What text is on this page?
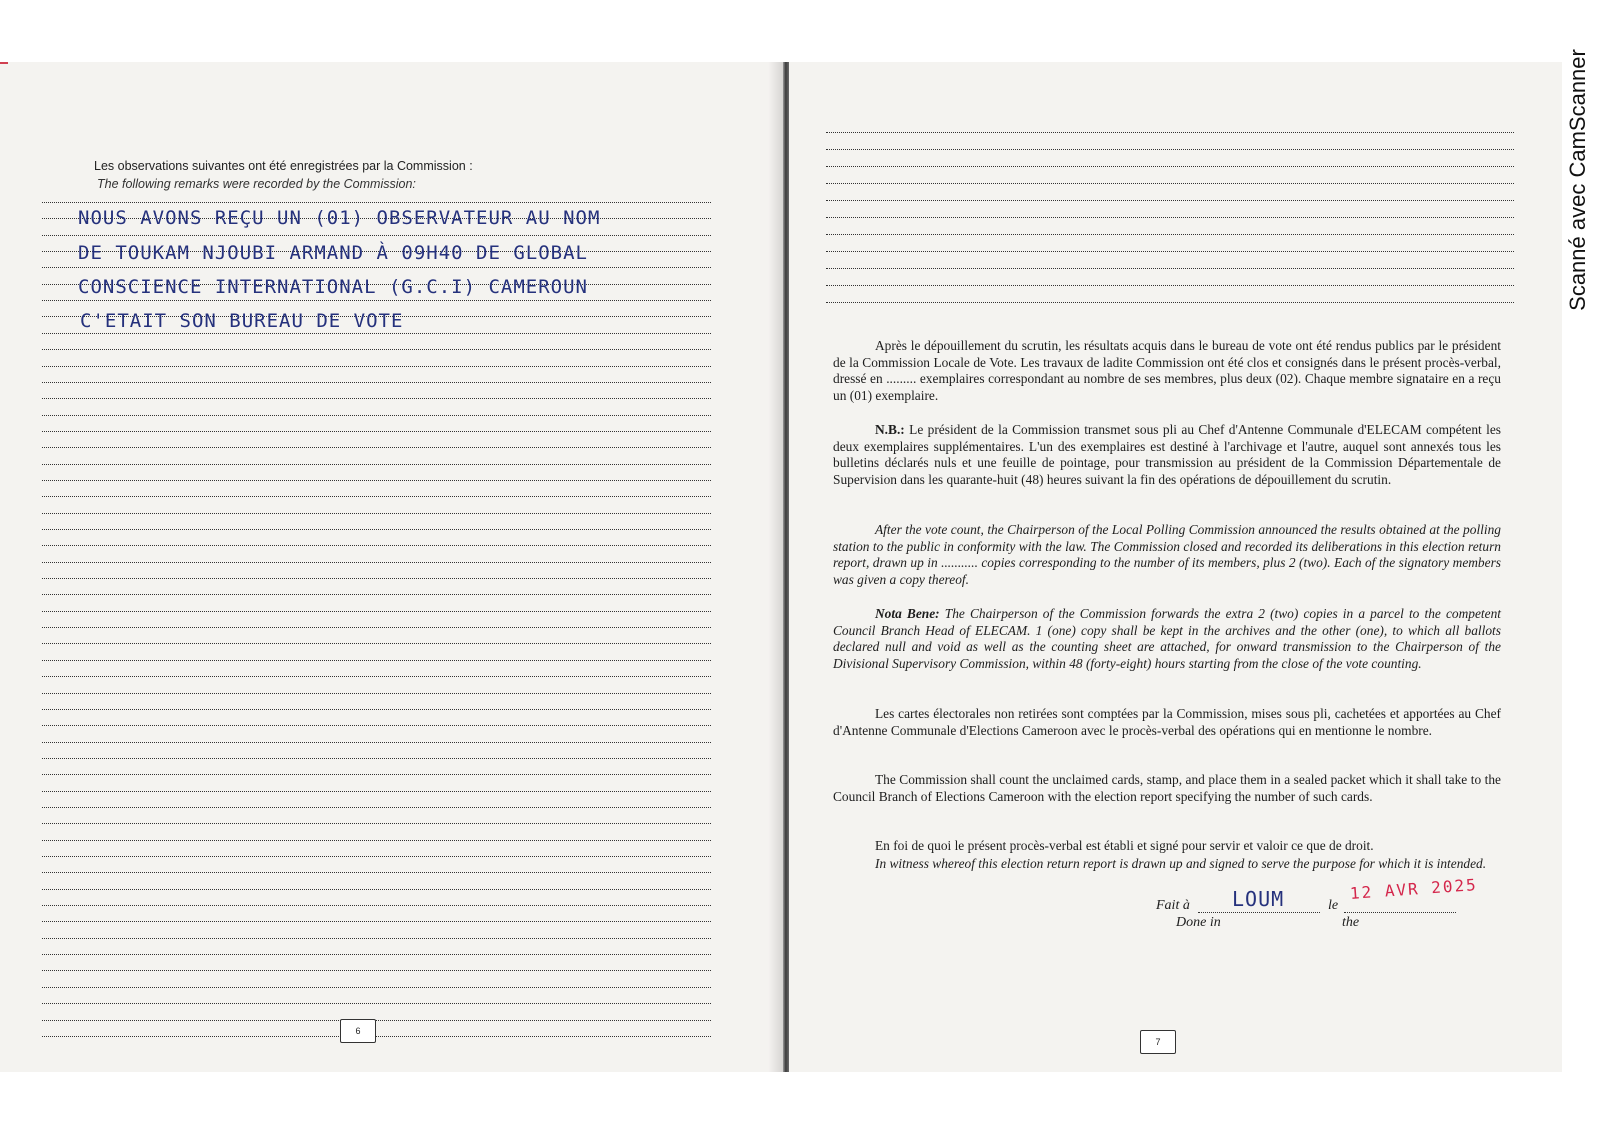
Scanné avec CamScanner
Les observations suivantes ont été enregistrées par la Commission :
The following remarks were recorded by the Commission:
NOUS AVONS REÇU UN (01) OBSERVATEUR AU NOM
DE TOUKAM NJOUBI ARMAND À 09H40 DE GLOBAL
CONSCIENCE INTERNATIONAL (G.C.I) CAMEROUN
C'ETAIT SON BUREAU DE VOTE
6
Après le dépouillement du scrutin, les résultats acquis dans le bureau de vote ont été rendus publics par le président de la Commission Locale de Vote. Les travaux de ladite Commission ont été clos et consignés dans le présent procès-verbal, dressé en ......... exemplaires correspondant au nombre de ses membres, plus deux (02). Chaque membre signataire en a reçu un (01) exemplaire.
N.B.: Le président de la Commission transmet sous pli au Chef d'Antenne Communale d'ELECAM compétent les deux exemplaires supplémentaires. L'un des exemplaires est destiné à l'archivage et l'autre, auquel sont annexés tous les bulletins déclarés nuls et une feuille de pointage, pour transmission au président de la Commission Départementale de Supervision dans les quarante-huit (48) heures suivant la fin des opérations de dépouillement du scrutin.
After the vote count, the Chairperson of the Local Polling Commission announced the results obtained at the polling station to the public in conformity with the law. The Commission closed and recorded its deliberations in this election return report, drawn up in ........... copies corresponding to the number of its members, plus 2 (two). Each of the signatory members was given a copy thereof.
Nota Bene: The Chairperson of the Commission forwards the extra 2 (two) copies in a parcel to the competent Council Branch Head of ELECAM. 1 (one) copy shall be kept in the archives and the other (one), to which all ballots declared null and void as well as the counting sheet are attached, for onward transmission to the Chairperson of the Divisional Supervisory Commission, within 48 (forty-eight) hours starting from the close of the vote counting.
Les cartes électorales non retirées sont comptées par la Commission, mises sous pli, cachetées et apportées au Chef d'Antenne Communale d'Elections Cameroon avec le procès-verbal des opérations qui en mentionne le nombre.
The Commission shall count the unclaimed cards, stamp, and place them in a sealed packet which it shall take to the Council Branch of Elections Cameroon with the election report specifying the number of such cards.
En foi de quoi le présent procès-verbal est établi et signé pour servir et valoir ce que de droit.
In witness whereof this election return report is drawn up and signed to serve the purpose for which it is intended.
Fait à LOUM	le
12 AVR 2025
Done in	the
7
